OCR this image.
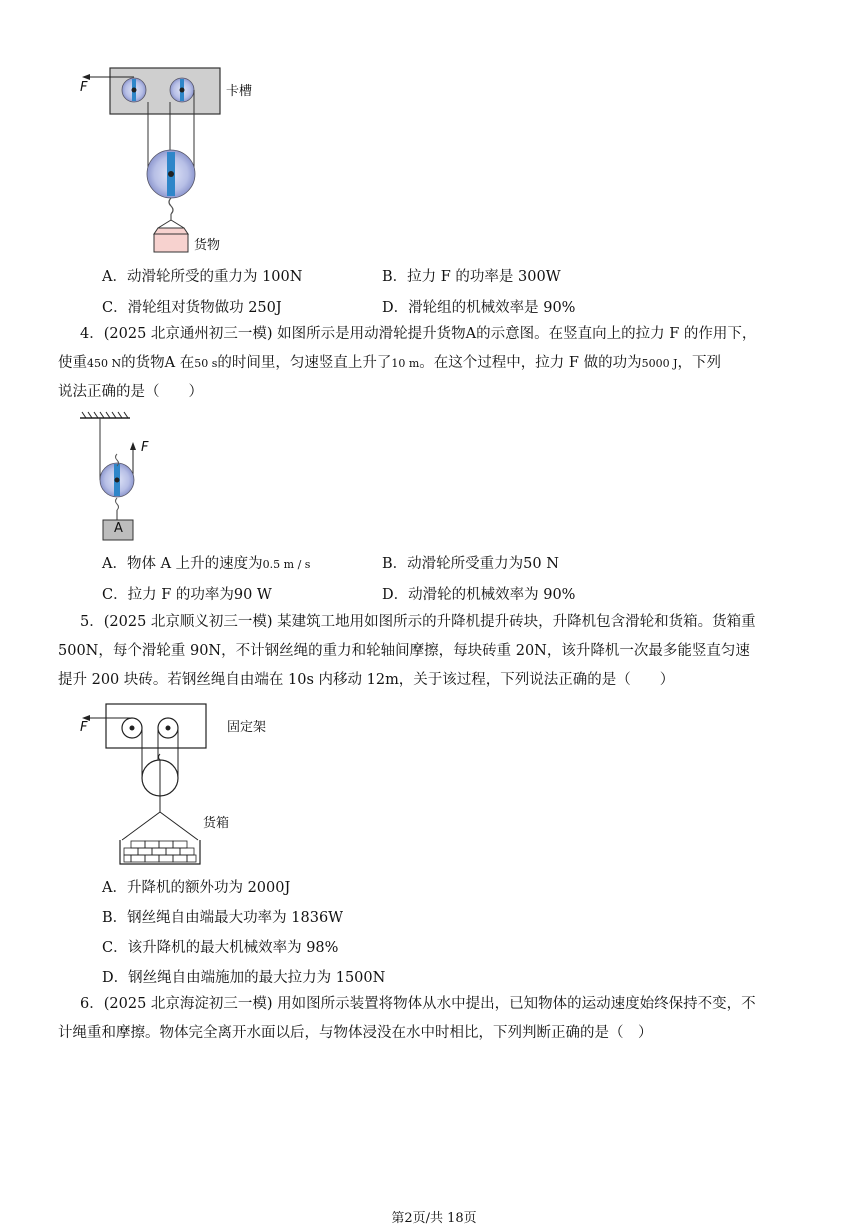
F	卡槽
货物
A．动滑轮所受的重力为 100N	B．拉力 F 的功率是 300W
C．滑轮组对货物做功 250J	D．滑轮组的机械效率是 90%
4．(2025 北京通州初三一模) 如图所示是用动滑轮提升货物A的示意图。在竖直向上的拉力 F 的作用下，
使重450 N的货物A 在50 s的时间里，匀速竖直上升了10 m。在这个过程中，拉力 F 做的功为5000 J，下列
说法正确的是（　　）
F
A
A．物体 A 上升的速度为0.5 m / s	B．动滑轮所受重力为50 N
C．拉力 F 的功率为90 W	D．动滑轮的机械效率为 90%
5．(2025 北京顺义初三一模) 某建筑工地用如图所示的升降机提升砖块，升降机包含滑轮和货箱。货箱重
500N，每个滑轮重 90N，不计钢丝绳的重力和轮轴间摩擦，每块砖重 20N，该升降机一次最多能竖直匀速
提升 200 块砖。若钢丝绳自由端在 10s 内移动 12m，关于该过程，下列说法正确的是（　　）
F	固定架
货箱
A．升降机的额外功为 2000J
B．钢丝绳自由端最大功率为 1836W
C．该升降机的最大机械效率为 98%
D．钢丝绳自由端施加的最大拉力为 1500N
6．(2025 北京海淀初三一模) 用如图所示装置将物体从水中提出，已知物体的运动速度始终保持不变，不
计绳重和摩擦。物体完全离开水面以后，与物体浸没在水中时相比，下列判断正确的是（　）
第2页/共 18页
